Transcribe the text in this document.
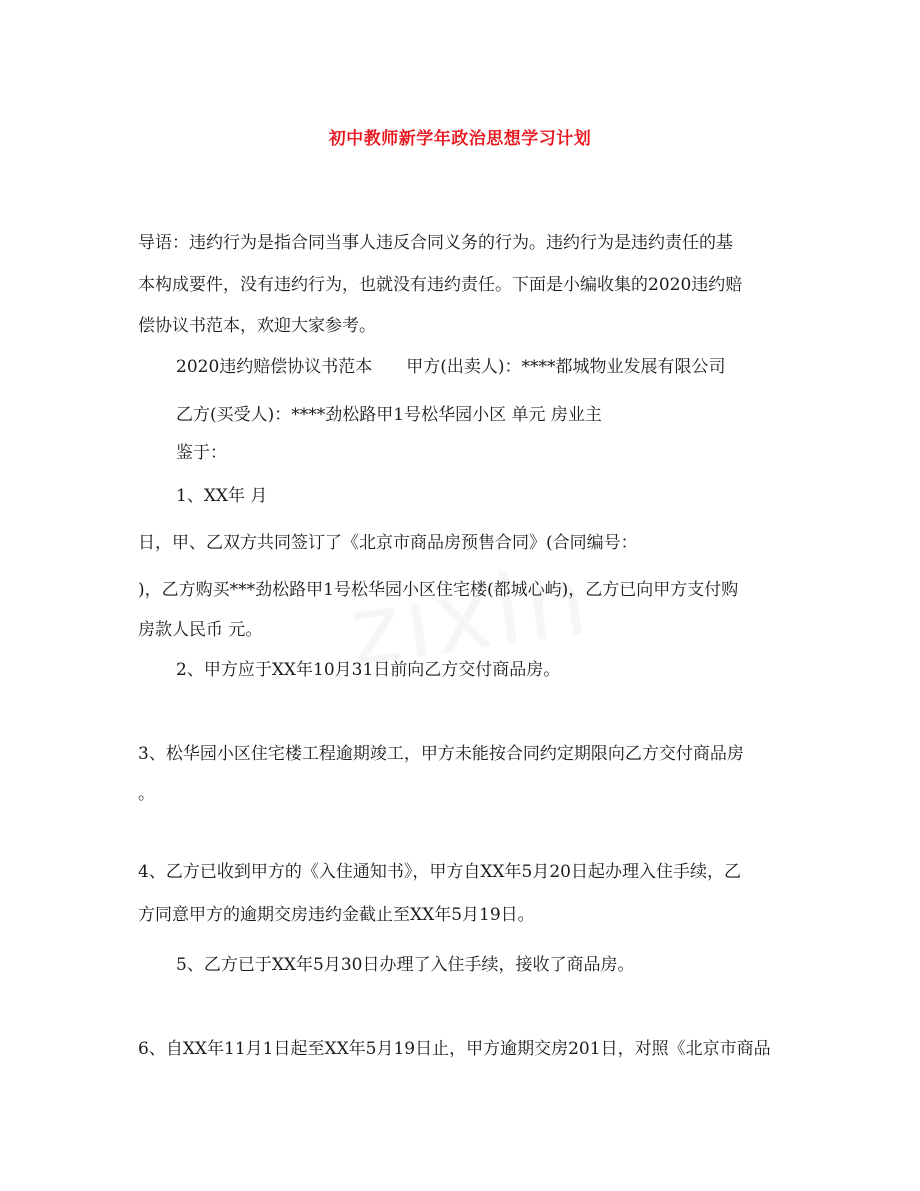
初中教师新学年政治思想学习计划
导语：违约行为是指合同当事人违反合同义务的行为。违约行为是违约责任的基
本构成要件，没有违约行为，也就没有违约责任。下面是小编收集的2020违约赔
偿协议书范本，欢迎大家参考。
2020违约赔偿协议书范本　　甲方(出卖人)：****都城物业发展有限公司
乙方(买受人)：****劲松路甲1号松华园小区 单元 房业主
鉴于：
1、XX年 月
日，甲、乙双方共同签订了《北京市商品房预售合同》(合同编号：
)，乙方购买***劲松路甲1号松华园小区住宅楼(都城心屿)，乙方已向甲方支付购
房款人民币 元。
2、甲方应于XX年10月31日前向乙方交付商品房。
3、松华园小区住宅楼工程逾期竣工，甲方未能按合同约定期限向乙方交付商品房
。
4、乙方已收到甲方的《入住通知书》，甲方自XX年5月20日起办理入住手续，乙
方同意甲方的逾期交房违约金截止至XX年5月19日。
5、乙方已于XX年5月30日办理了入住手续，接收了商品房。
6、自XX年11月1日起至XX年5月19日止，甲方逾期交房201日，对照《北京市商品
